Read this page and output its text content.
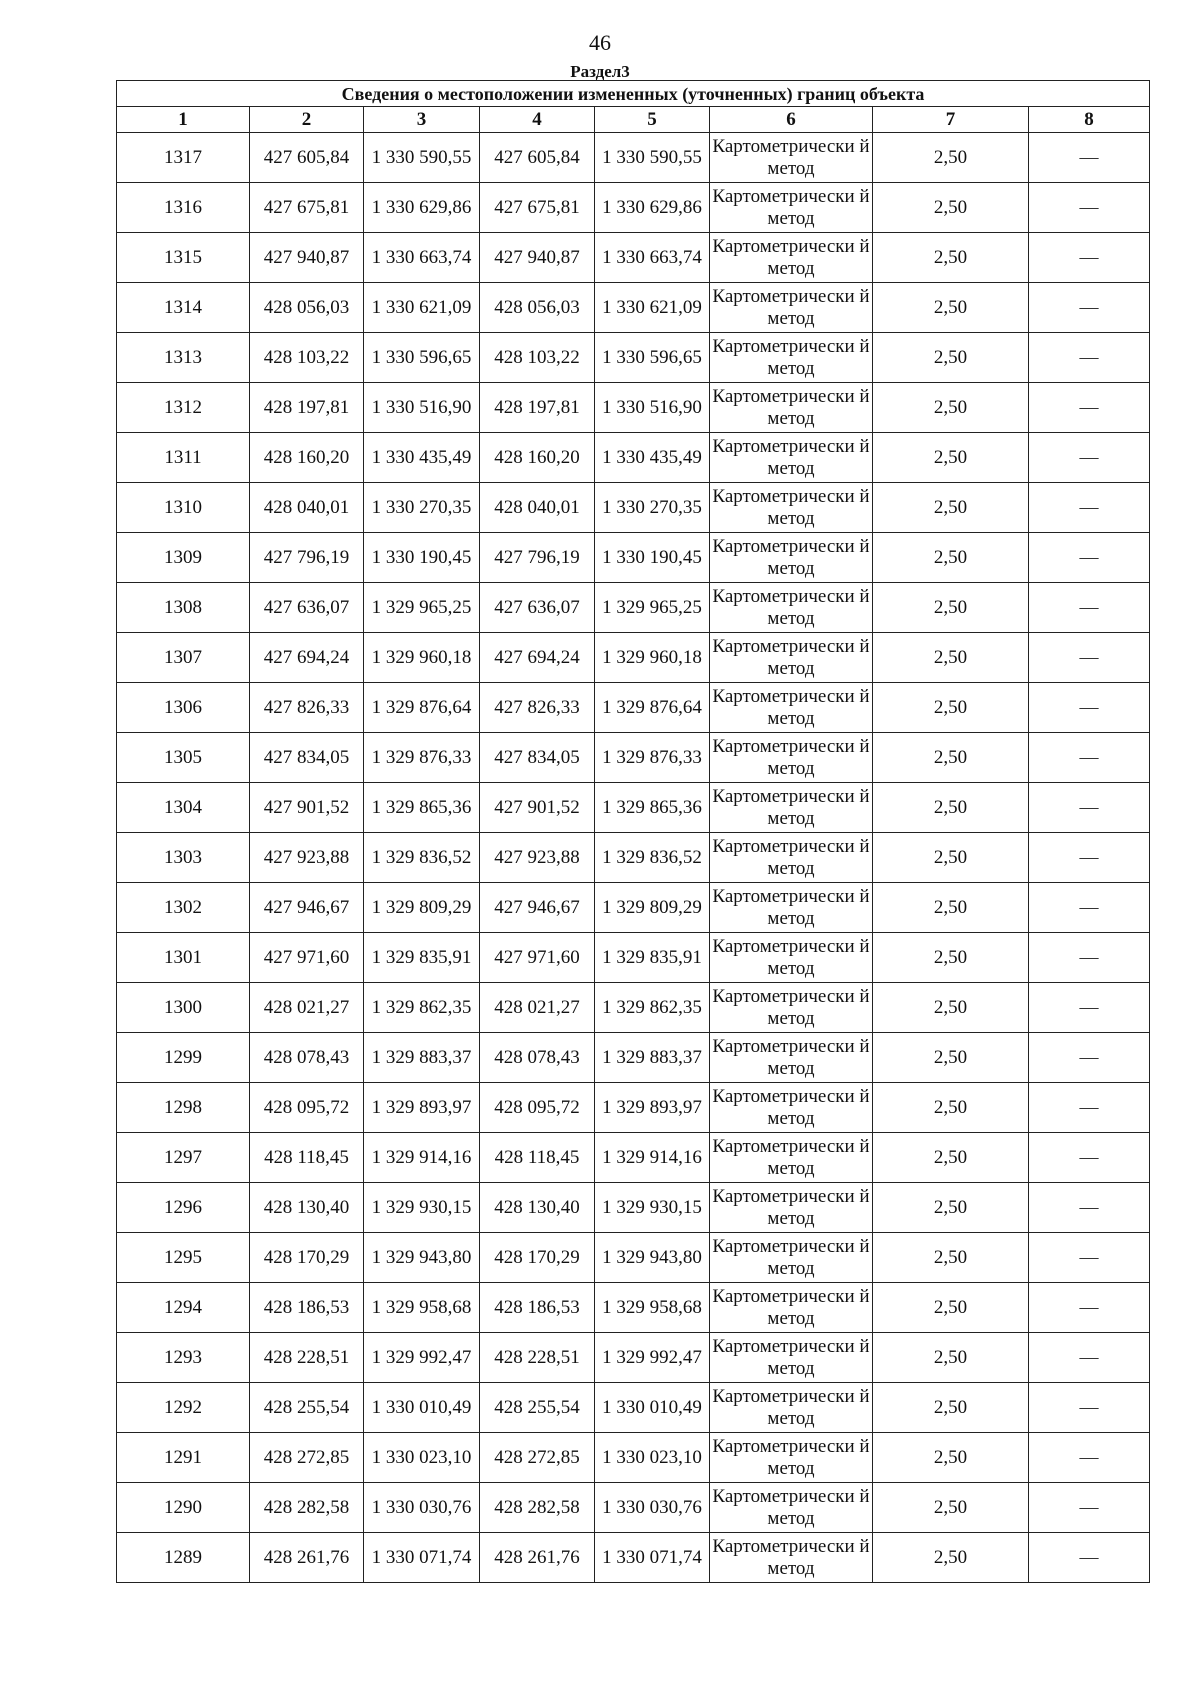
46
Раздел3
Сведения о местоположении измененных (уточненных) границ объекта							
1	2	3	4	5	6	7	8
1317	427 605,84	1 330 590,55	427 605,84	1 330 590,55	Картометрически й метод	2,50	—
1316	427 675,81	1 330 629,86	427 675,81	1 330 629,86	Картометрически й метод	2,50	—
1315	427 940,87	1 330 663,74	427 940,87	1 330 663,74	Картометрически й метод	2,50	—
1314	428 056,03	1 330 621,09	428 056,03	1 330 621,09	Картометрически й метод	2,50	—
1313	428 103,22	1 330 596,65	428 103,22	1 330 596,65	Картометрически й метод	2,50	—
1312	428 197,81	1 330 516,90	428 197,81	1 330 516,90	Картометрически й метод	2,50	—
1311	428 160,20	1 330 435,49	428 160,20	1 330 435,49	Картометрически й метод	2,50	—
1310	428 040,01	1 330 270,35	428 040,01	1 330 270,35	Картометрически й метод	2,50	—
1309	427 796,19	1 330 190,45	427 796,19	1 330 190,45	Картометрически й метод	2,50	—
1308	427 636,07	1 329 965,25	427 636,07	1 329 965,25	Картометрически й метод	2,50	—
1307	427 694,24	1 329 960,18	427 694,24	1 329 960,18	Картометрически й метод	2,50	—
1306	427 826,33	1 329 876,64	427 826,33	1 329 876,64	Картометрически й метод	2,50	—
1305	427 834,05	1 329 876,33	427 834,05	1 329 876,33	Картометрически й метод	2,50	—
1304	427 901,52	1 329 865,36	427 901,52	1 329 865,36	Картометрически й метод	2,50	—
1303	427 923,88	1 329 836,52	427 923,88	1 329 836,52	Картометрически й метод	2,50	—
1302	427 946,67	1 329 809,29	427 946,67	1 329 809,29	Картометрически й метод	2,50	—
1301	427 971,60	1 329 835,91	427 971,60	1 329 835,91	Картометрически й метод	2,50	—
1300	428 021,27	1 329 862,35	428 021,27	1 329 862,35	Картометрически й метод	2,50	—
1299	428 078,43	1 329 883,37	428 078,43	1 329 883,37	Картометрически й метод	2,50	—
1298	428 095,72	1 329 893,97	428 095,72	1 329 893,97	Картометрически й метод	2,50	—
1297	428 118,45	1 329 914,16	428 118,45	1 329 914,16	Картометрически й метод	2,50	—
1296	428 130,40	1 329 930,15	428 130,40	1 329 930,15	Картометрически й метод	2,50	—
1295	428 170,29	1 329 943,80	428 170,29	1 329 943,80	Картометрически й метод	2,50	—
1294	428 186,53	1 329 958,68	428 186,53	1 329 958,68	Картометрически й метод	2,50	—
1293	428 228,51	1 329 992,47	428 228,51	1 329 992,47	Картометрически й метод	2,50	—
1292	428 255,54	1 330 010,49	428 255,54	1 330 010,49	Картометрически й метод	2,50	—
1291	428 272,85	1 330 023,10	428 272,85	1 330 023,10	Картометрически й метод	2,50	—
1290	428 282,58	1 330 030,76	428 282,58	1 330 030,76	Картометрически й метод	2,50	—
1289	428 261,76	1 330 071,74	428 261,76	1 330 071,74	Картометрически й метод	2,50	—
